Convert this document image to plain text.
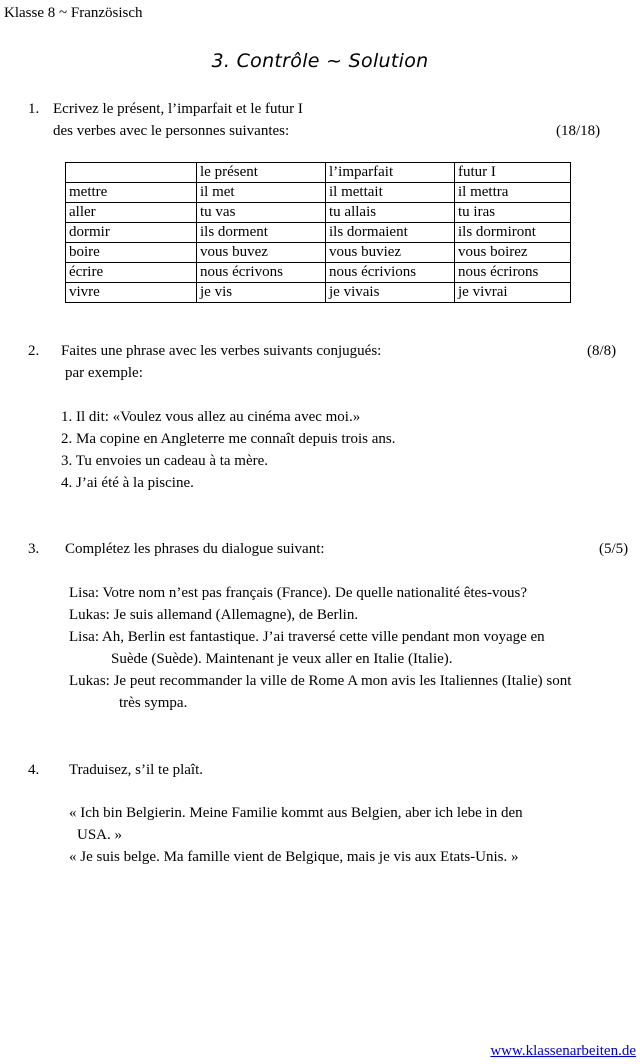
Klasse 8 ~ Französisch
3. Contrôle ~ Solution
1. Ecrivez le présent, l’imparfait et le futur I
des verbes avec le personnes suivantes:	(18/18)
	le présent	l’imparfait	futur I
mettre	il met	il mettait	il mettra
aller	tu vas	tu allais	tu iras
dormir	ils dorment	ils dormaient	ils dormiront
boire	vous buvez	vous buviez	vous boirez
écrire	nous écrivons	nous écrivions	nous écrirons
vivre	je vis	je vivais	je vivrai
2. Faites une phrase avec les verbes suivants conjugués:	(8/8)
par exemple:
1. Il dit: «Voulez vous allez au cinéma avec moi.»
2. Ma copine en Angleterre me connaît depuis trois ans.
3. Tu envoies un cadeau à ta mère.
4. J’ai été à la piscine.
3. Complétez les phrases du dialogue suivant:	(5/5)
Lisa: Votre nom n’est pas français (France). De quelle nationalité êtes-vous?
Lukas: Je suis allemand (Allemagne), de Berlin.
Lisa: Ah, Berlin est fantastique. J’ai traversé cette ville pendant mon voyage en
Suède (Suède). Maintenant je veux aller en Italie (Italie).
Lukas: Je peut recommander la ville de Rome A mon avis les Italiennes (Italie) sont
très sympa.
4. Traduisez, s’il te plaît.
« Ich bin Belgierin. Meine Familie kommt aus Belgien, aber ich lebe in den
USA. »
« Je suis belge. Ma famille vient de Belgique, mais je vis aux Etats-Unis. »
www.klassenarbeiten.de
